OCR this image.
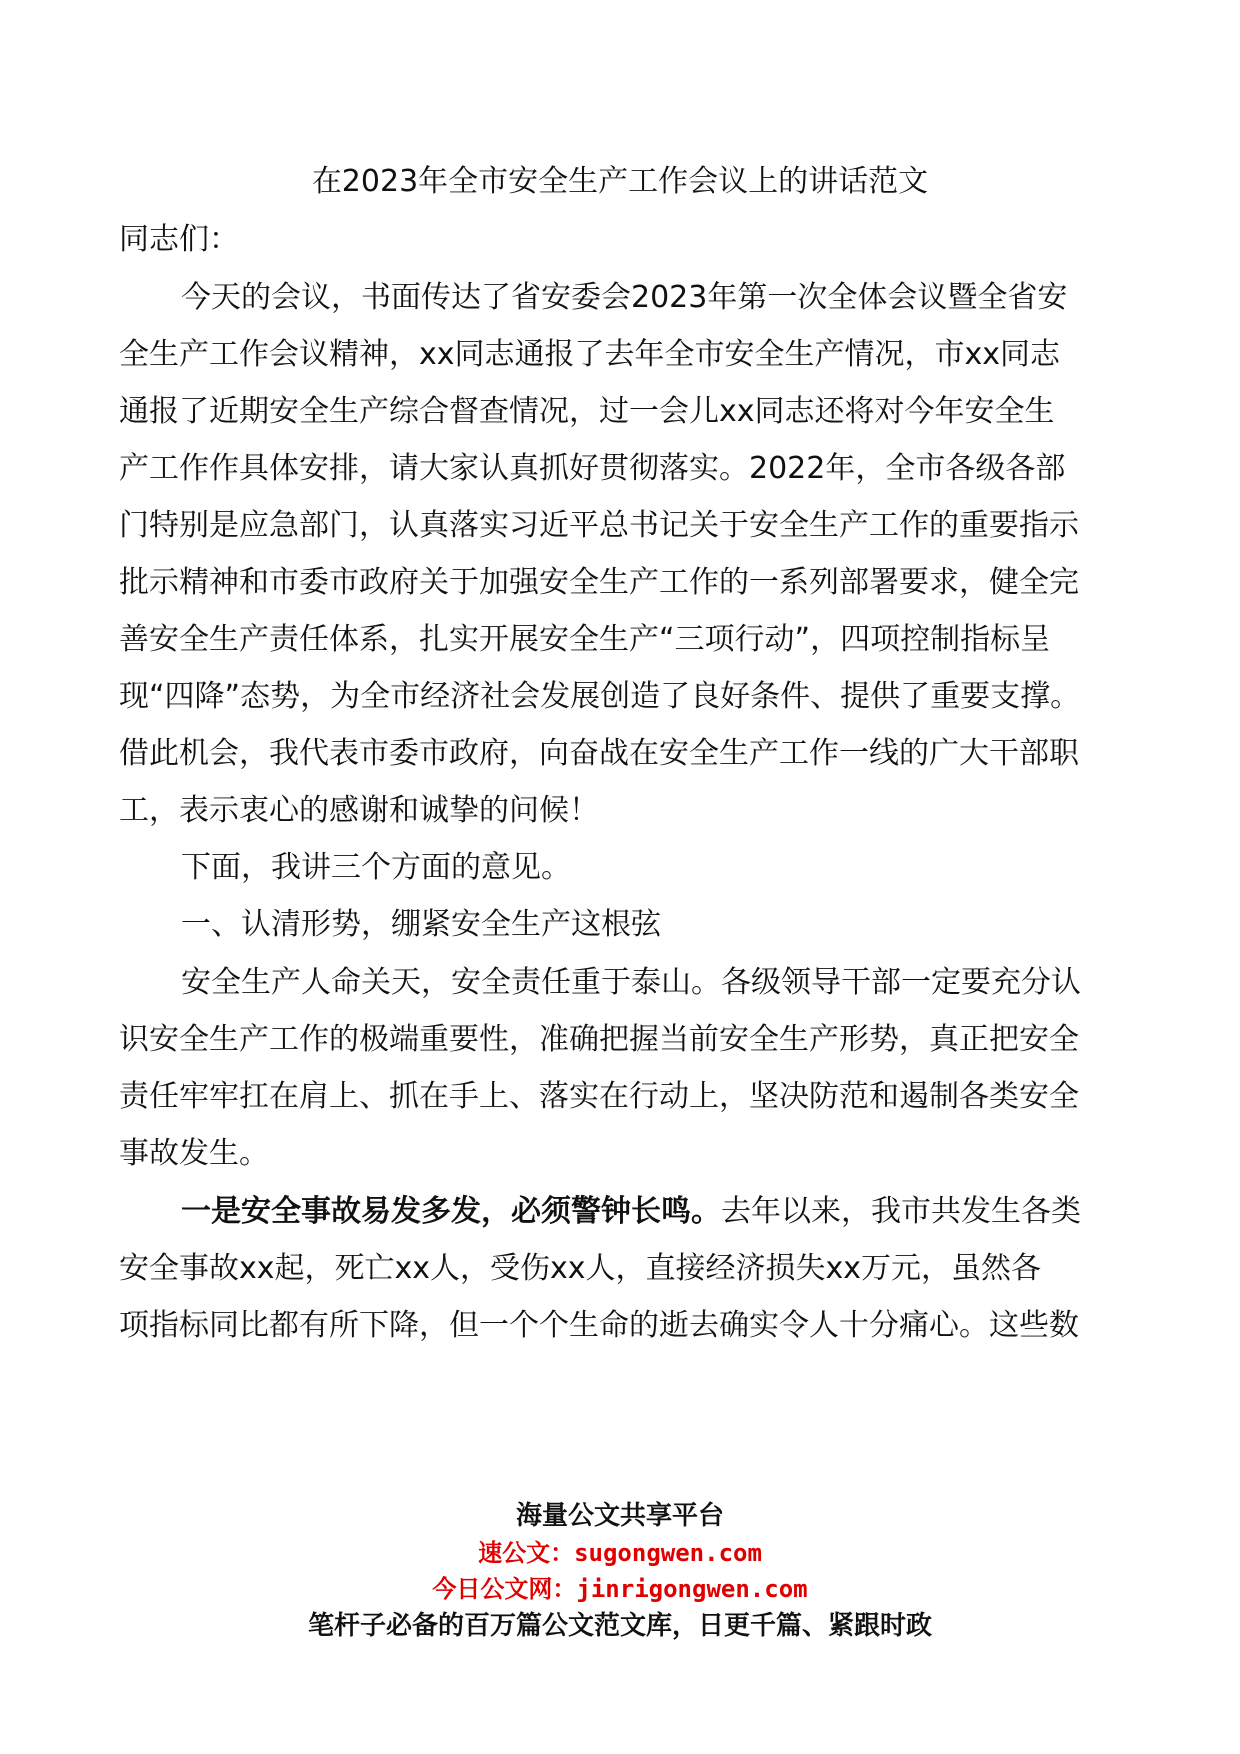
在2023年全市安全生产工作会议上的讲话范文
同志们：
今天的会议，书面传达了省安委会2023年第一次全体会议暨全省安
全生产工作会议精神，xx同志通报了去年全市安全生产情况，市xx同志
通报了近期安全生产综合督查情况，过一会儿xx同志还将对今年安全生
产工作作具体安排，请大家认真抓好贯彻落实。2022年，全市各级各部
门特别是应急部门，认真落实习近平总书记关于安全生产工作的重要指示
批示精神和市委市政府关于加强安全生产工作的一系列部署要求，健全完
善安全生产责任体系，扎实开展安全生产“三项行动”，四项控制指标呈
现“四降”态势，为全市经济社会发展创造了良好条件、提供了重要支撑。
借此机会，我代表市委市政府，向奋战在安全生产工作一线的广大干部职
工，表示衷心的感谢和诚挚的问候！
下面，我讲三个方面的意见。
一、认清形势，绷紧安全生产这根弦
安全生产人命关天，安全责任重于泰山。各级领导干部一定要充分认
识安全生产工作的极端重要性，准确把握当前安全生产形势，真正把安全
责任牢牢扛在肩上、抓在手上、落实在行动上，坚决防范和遏制各类安全
事故发生。
一是安全事故易发多发，必须警钟长鸣。去年以来，我市共发生各类
安全事故xx起，死亡xx人，受伤xx人，直接经济损失xx万元，虽然各
项指标同比都有所下降，但一个个生命的逝去确实令人十分痛心。这些数
海量公文共享平台
速公文：sugongwen.com
今日公文网：jinrigongwen.com
笔杆子必备的百万篇公文范文库，日更千篇、紧跟时政
